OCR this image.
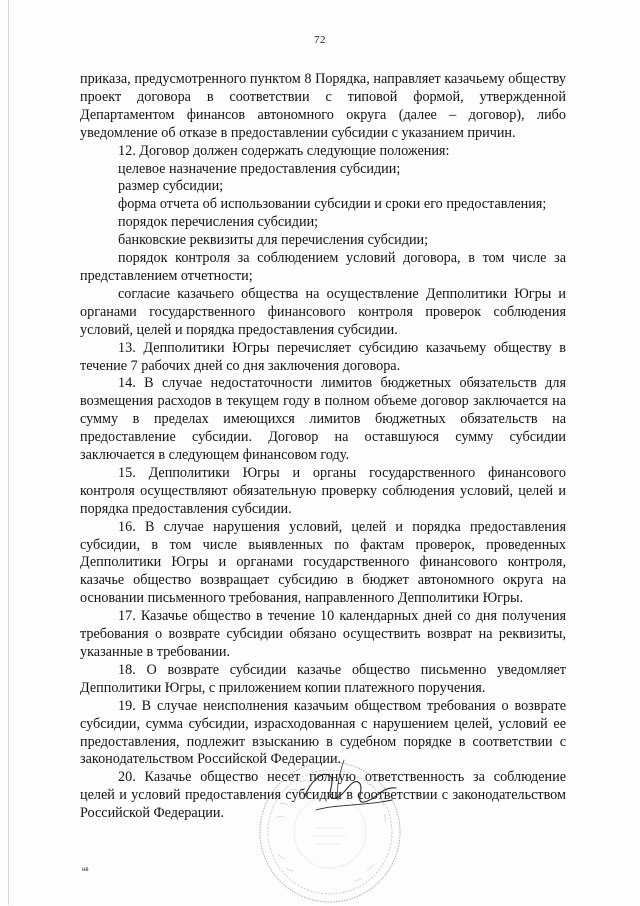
72

приказа, предусмотренного пунктом 8 Порядка, направляет казачьему обществу проект договора в соответствии с типовой формой, утвержденной Департаментом финансов автономного округа (далее – договор), либо уведомление об отказе в предоставлении субсидии с указанием причин.

12. Договор должен содержать следующие положения:

целевое назначение предоставления субсидии;

размер субсидии;

форма отчета об использовании субсидии и сроки его предоставления;

порядок перечисления субсидии;

банковские реквизиты для перечисления субсидии;

порядок контроля за соблюдением условий договора, в том числе за представлением отчетности;

согласие казачьего общества на осуществление Депполитики Югры и органами государственного финансового контроля проверок соблюдения условий, целей и порядка предоставления субсидии.

13. Депполитики Югры перечисляет субсидию казачьему обществу в течение 7 рабочих дней со дня заключения договора.

14. В случае недостаточности лимитов бюджетных обязательств для возмещения расходов в текущем году в полном объеме договор заключается на сумму в пределах имеющихся лимитов бюджетных обязательств на предоставление субсидии. Договор на оставшуюся сумму субсидии заключается в следующем финансовом году.

15. Депполитики Югры и органы государственного финансового контроля осуществляют обязательную проверку соблюдения условий, целей и порядка предоставления субсидии.

16. В случае нарушения условий, целей и порядка предоставления субсидии, в том числе выявленных по фактам проверок, проведенных Депполитики Югры и органами государственного финансового контроля, казачье общество возвращает субсидию в бюджет автономного округа на основании письменного требования, направленного Депполитики Югры.

17. Казачье общество в течение 10 календарных дней со дня получения требования о возврате субсидии обязано осуществить возврат на реквизиты, указанные в требовании.

18. О возврате субсидии казачье общество письменно уведомляет Депполитики Югры, с приложением копии платежного поручения.

19. В случае неисполнения казачьим обществом требования о возврате субсидии, сумма субсидии, израсходованная с нарушением целей, условий ее предоставления, подлежит взысканию в судебном порядке в соответствии с законодательством Российской Федерации.

20. Казачье общество несет полную ответственность за соблюдение целей и условий предоставления субсидии в соответствии с законодательством Российской Федерации.

нв
